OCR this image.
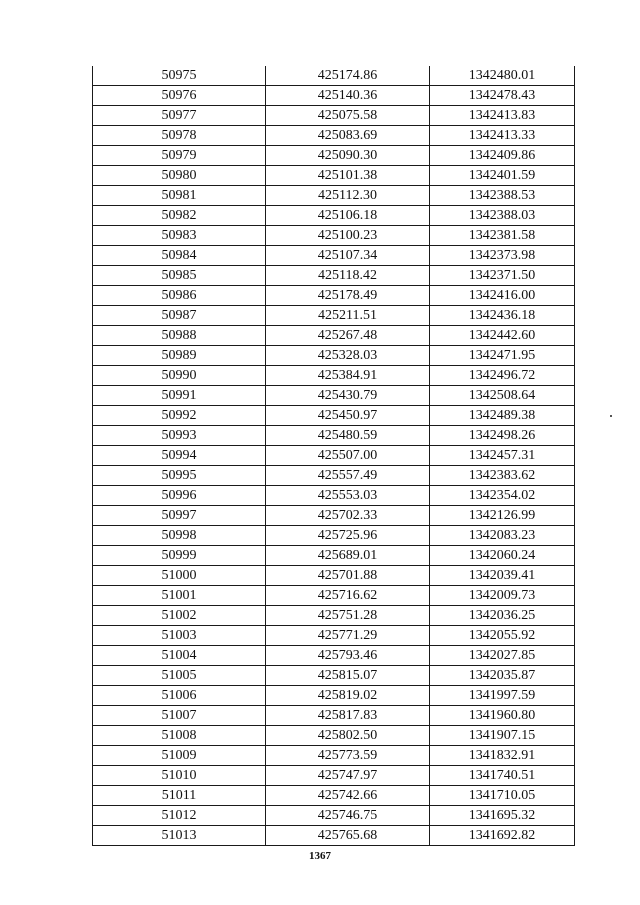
50975	425174.86	1342480.01
50976	425140.36	1342478.43
50977	425075.58	1342413.83
50978	425083.69	1342413.33
50979	425090.30	1342409.86
50980	425101.38	1342401.59
50981	425112.30	1342388.53
50982	425106.18	1342388.03
50983	425100.23	1342381.58
50984	425107.34	1342373.98
50985	425118.42	1342371.50
50986	425178.49	1342416.00
50987	425211.51	1342436.18
50988	425267.48	1342442.60
50989	425328.03	1342471.95
50990	425384.91	1342496.72
50991	425430.79	1342508.64
50992	425450.97	1342489.38
50993	425480.59	1342498.26
50994	425507.00	1342457.31
50995	425557.49	1342383.62
50996	425553.03	1342354.02
50997	425702.33	1342126.99
50998	425725.96	1342083.23
50999	425689.01	1342060.24
51000	425701.88	1342039.41
51001	425716.62	1342009.73
51002	425751.28	1342036.25
51003	425771.29	1342055.92
51004	425793.46	1342027.85
51005	425815.07	1342035.87
51006	425819.02	1341997.59
51007	425817.83	1341960.80
51008	425802.50	1341907.15
51009	425773.59	1341832.91
51010	425747.97	1341740.51
51011	425742.66	1341710.05
51012	425746.75	1341695.32
51013	425765.68	1341692.82
1367
